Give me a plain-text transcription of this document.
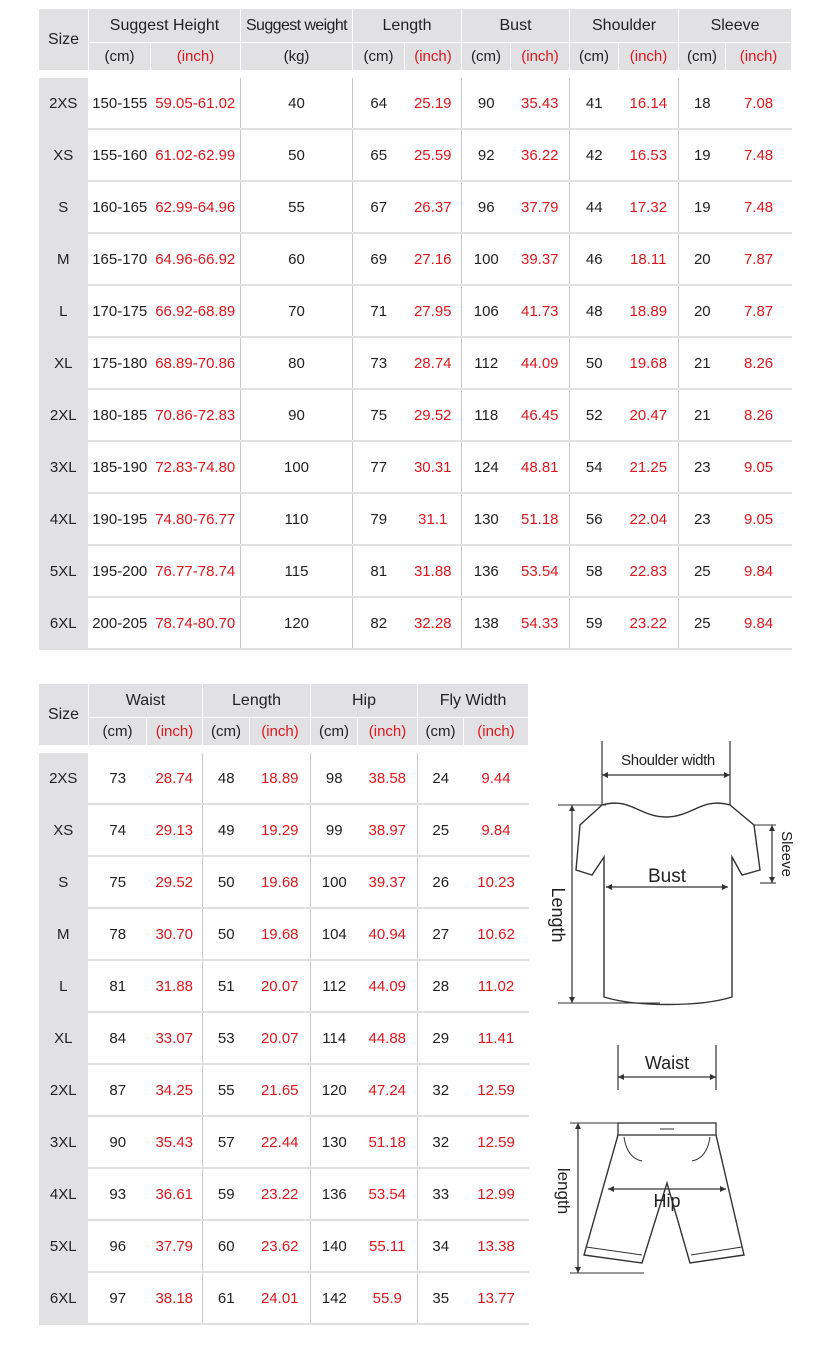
Size	Suggest Height		Suggest weight	Length		Bust		Shoulder		Sleeve	
	(cm)	(inch)	(kg)	(cm)	(inch)	(cm)	(inch)	(cm)	(inch)	(cm)	(inch)

2XS	150-155	59.05-61.02	40	64	25.19	90	35.43	41	16.14	18	7.08
XS	155-160	61.02-62.99	50	65	25.59	92	36.22	42	16.53	19	7.48
S	160-165	62.99-64.96	55	67	26.37	96	37.79	44	17.32	19	7.48
M	165-170	64.96-66.92	60	69	27.16	100	39.37	46	18.11	20	7.87
L	170-175	66.92-68.89	70	71	27.95	106	41.73	48	18.89	20	7.87
XL	175-180	68.89-70.86	80	73	28.74	112	44.09	50	19.68	21	8.26
2XL	180-185	70.86-72.83	90	75	29.52	118	46.45	52	20.47	21	8.26
3XL	185-190	72.83-74.80	100	77	30.31	124	48.81	54	21.25	23	9.05
4XL	190-195	74.80-76.77	110	79	31.1	130	51.18	56	22.04	23	9.05
5XL	195-200	76.77-78.74	115	81	31.88	136	53.54	58	22.83	25	9.84
6XL	200-205	78.74-80.70	120	82	32.28	138	54.33	59	23.22	25	9.84
Size	Waist		Length		Hip		Fly Width	
	(cm)	(inch)	(cm)	(inch)	(cm)	(inch)	(cm)	(inch)

2XS	73	28.74	48	18.89	98	38.58	24	9.44
XS	74	29.13	49	19.29	99	38.97	25	9.84
S	75	29.52	50	19.68	100	39.37	26	10.23
M	78	30.70	50	19.68	104	40.94	27	10.62
L	81	31.88	51	20.07	112	44.09	28	11.02
XL	84	33.07	53	20.07	114	44.88	29	11.41
2XL	87	34.25	55	21.65	120	47.24	32	12.59
3XL	90	35.43	57	22.44	130	51.18	32	12.59
4XL	93	36.61	59	23.22	136	53.54	33	12.99
5XL	96	37.79	60	23.62	140	55.11	34	13.38
6XL	97	38.18	61	24.01	142	55.9	35	13.77
Shoulder width
Bust
Length
Sleeve
Waist
Hip
length
